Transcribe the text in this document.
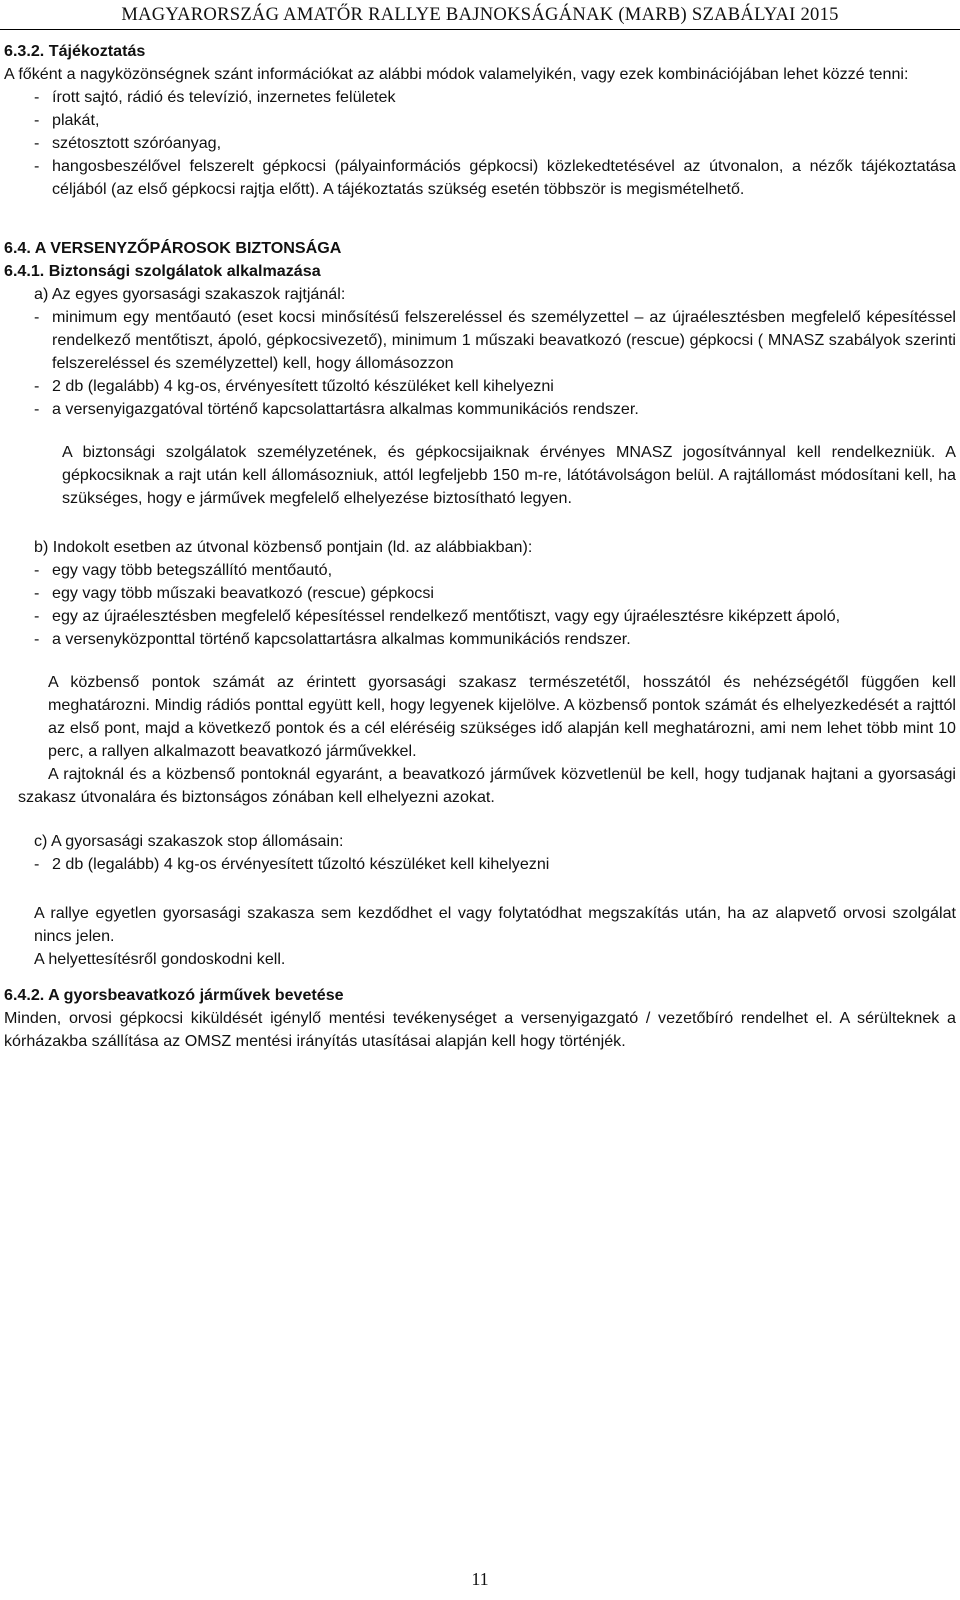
MAGYARORSZÁG AMATŐR RALLYE BAJNOKSÁGÁNAK (MARB) SZABÁLYAI 2015

6.3.2. Tájékoztatás

A főként a nagyközönségnek szánt információkat az alábbi módok valamelyikén, vagy ezek kombinációjában lehet közzé tenni:

- írott sajtó, rádió és televízió, inzernetes felületek
- plakát,
- szétosztott szóróanyag,
- hangosbeszélővel felszerelt gépkocsi (pályainformációs gépkocsi) közlekedtetésével az útvonalon, a nézők tájékoztatása céljából (az első gépkocsi rajtja előtt). A tájékoztatás szükség esetén többször is megismételhető.

6.4. A VERSENYZŐPÁROSOK BIZTONSÁGA

6.4.1. Biztonsági szolgálatok alkalmazása

a) Az egyes gyorsasági szakaszok rajtjánál:

- minimum egy mentőautó (eset kocsi minősítésű felszereléssel és személyzettel – az újraélesztésben megfelelő képesítéssel rendelkező mentőtiszt, ápoló, gépkocsivezető), minimum 1 műszaki beavatkozó (rescue) gépkocsi ( MNASZ szabályok szerinti felszereléssel és személyzettel) kell, hogy állomásozzon
- 2 db (legalább) 4 kg-os, érvényesített tűzoltó készüléket kell kihelyezni
- a versenyigazgatóval történő kapcsolattartásra alkalmas kommunikációs rendszer.

A biztonsági szolgálatok személyzetének, és gépkocsijaiknak érvényes MNASZ jogosítvánnyal kell rendelkezniük. A gépkocsiknak a rajt után kell állomásozniuk, attól legfeljebb 150 m-re, látótávolságon belül. A rajtállomást módosítani kell, ha szükséges, hogy e járművek megfelelő elhelyezése biztosítható legyen.

b) Indokolt esetben az útvonal közbenső pontjain (ld. az alábbiakban):

- egy vagy több betegszállító mentőautó,
- egy vagy több műszaki beavatkozó (rescue) gépkocsi
- egy az újraélesztésben megfelelő képesítéssel rendelkező mentőtiszt, vagy egy újraélesztésre kiképzett ápoló,
- a versenyközponttal történő kapcsolattartásra alkalmas kommunikációs rendszer.

A közbenső pontok számát az érintett gyorsasági szakasz természetétől, hosszától és nehézségétől függően kell meghatározni. Mindig rádiós ponttal együtt kell, hogy legyenek kijelölve. A közbenső pontok számát és elhelyezkedését a rajttól az első pont, majd a következő pontok és a cél eléréséig szükséges idő alapján kell meghatározni, ami nem lehet több mint 10 perc, a rallyen alkalmazott beavatkozó járművekkel.

A rajtoknál és a közbenső pontoknál egyaránt, a beavatkozó járművek közvetlenül be kell, hogy tudjanak hajtani a gyorsasági szakasz útvonalára és biztonságos zónában kell elhelyezni azokat.

c) A gyorsasági szakaszok stop állomásain:

- 2 db (legalább) 4 kg-os érvényesített tűzoltó készüléket kell kihelyezni

A rallye egyetlen gyorsasági szakasza sem kezdődhet el vagy folytatódhat megszakítás után, ha az alapvető orvosi szolgálat nincs jelen.

A helyettesítésről gondoskodni kell.

6.4.2. A gyorsbeavatkozó járművek bevetése

Minden, orvosi gépkocsi kiküldését igénylő mentési tevékenységet a versenyigazgató / vezetőbíró rendelhet el. A sérülteknek a kórházakba szállítása az OMSZ mentési irányítás utasításai alapján kell hogy történjék.

11
